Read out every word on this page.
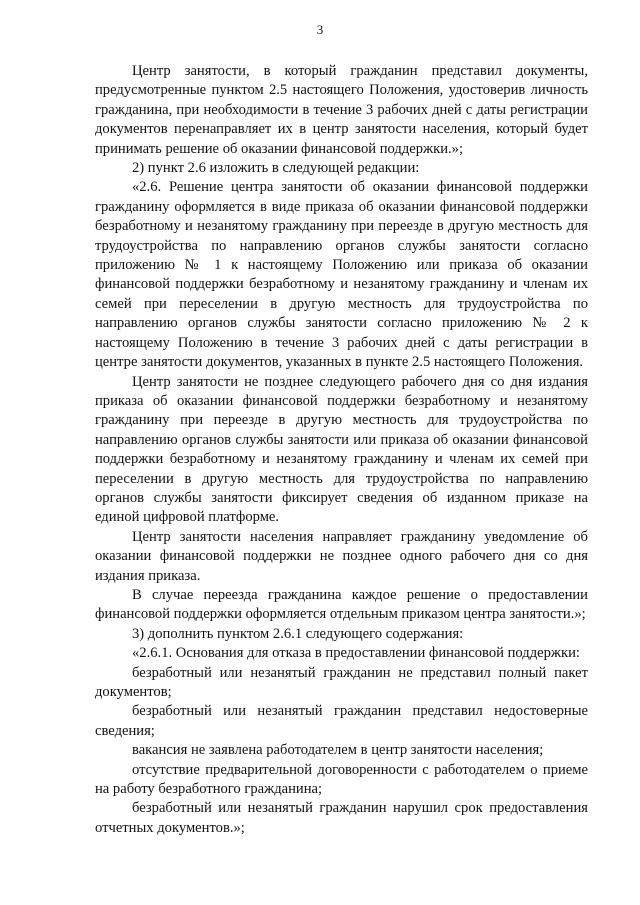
3

Центр занятости, в который гражданин представил документы, предусмотренные пунктом 2.5 настоящего Положения, удостоверив личность гражданина, при необходимости в течение 3 рабочих дней с даты регистрации документов перенаправляет их в центр занятости населения, который будет принимать решение об оказании финансовой поддержки.»;

2) пункт 2.6 изложить в следующей редакции:

«2.6. Решение центра занятости об оказании финансовой поддержки гражданину оформляется в виде приказа об оказании финансовой поддержки безработному и незанятому гражданину при переезде в другую местность для трудоустройства по направлению органов службы занятости согласно приложению № 1 к настоящему Положению или приказа об оказании финансовой поддержки безработному и незанятому гражданину и членам их семей при переселении в другую местность для трудоустройства по направлению органов службы занятости согласно приложению № 2 к настоящему Положению в течение 3 рабочих дней с даты регистрации в центре занятости документов, указанных в пункте 2.5 настоящего Положения.

Центр занятости не позднее следующего рабочего дня со дня издания приказа об оказании финансовой поддержки безработному и незанятому гражданину при переезде в другую местность для трудоустройства по направлению органов службы занятости или приказа об оказании финансовой поддержки безработному и незанятому гражданину и членам их семей при переселении в другую местность для трудоустройства по направлению органов службы занятости фиксирует сведения об изданном приказе на единой цифровой платформе.

Центр занятости населения направляет гражданину уведомление об оказании финансовой поддержки не позднее одного рабочего дня со дня издания приказа.

В случае переезда гражданина каждое решение о предоставлении финансовой поддержки оформляется отдельным приказом центра занятости.»;

3) дополнить пунктом 2.6.1 следующего содержания:

«2.6.1. Основания для отказа в предоставлении финансовой поддержки:

безработный или незанятый гражданин не представил полный пакет документов;

безработный или незанятый гражданин представил недостоверные сведения;

вакансия не заявлена работодателем в центр занятости населения;

отсутствие предварительной договоренности с работодателем о приеме на работу безработного гражданина;

безработный или незанятый гражданин нарушил срок предоставления отчетных документов.»;
